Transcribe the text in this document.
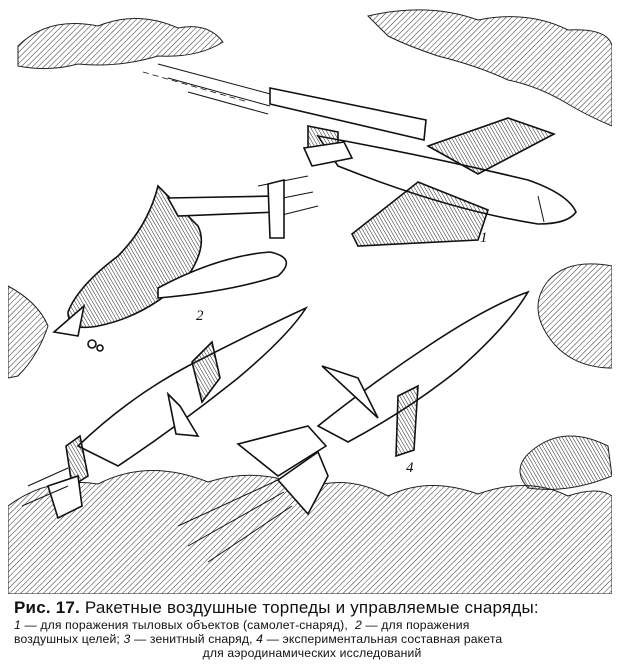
1
2
4
Рис. 17. Ракетные воздушные торпеды и управляемые снаряды:
1 — для поражения тыловых объектов (самолет-снаряд), 2 — для поражения
воздушных целей; 3 — зенитный снаряд, 4 — экспериментальная составная ракета
для аэродинамических исследований
